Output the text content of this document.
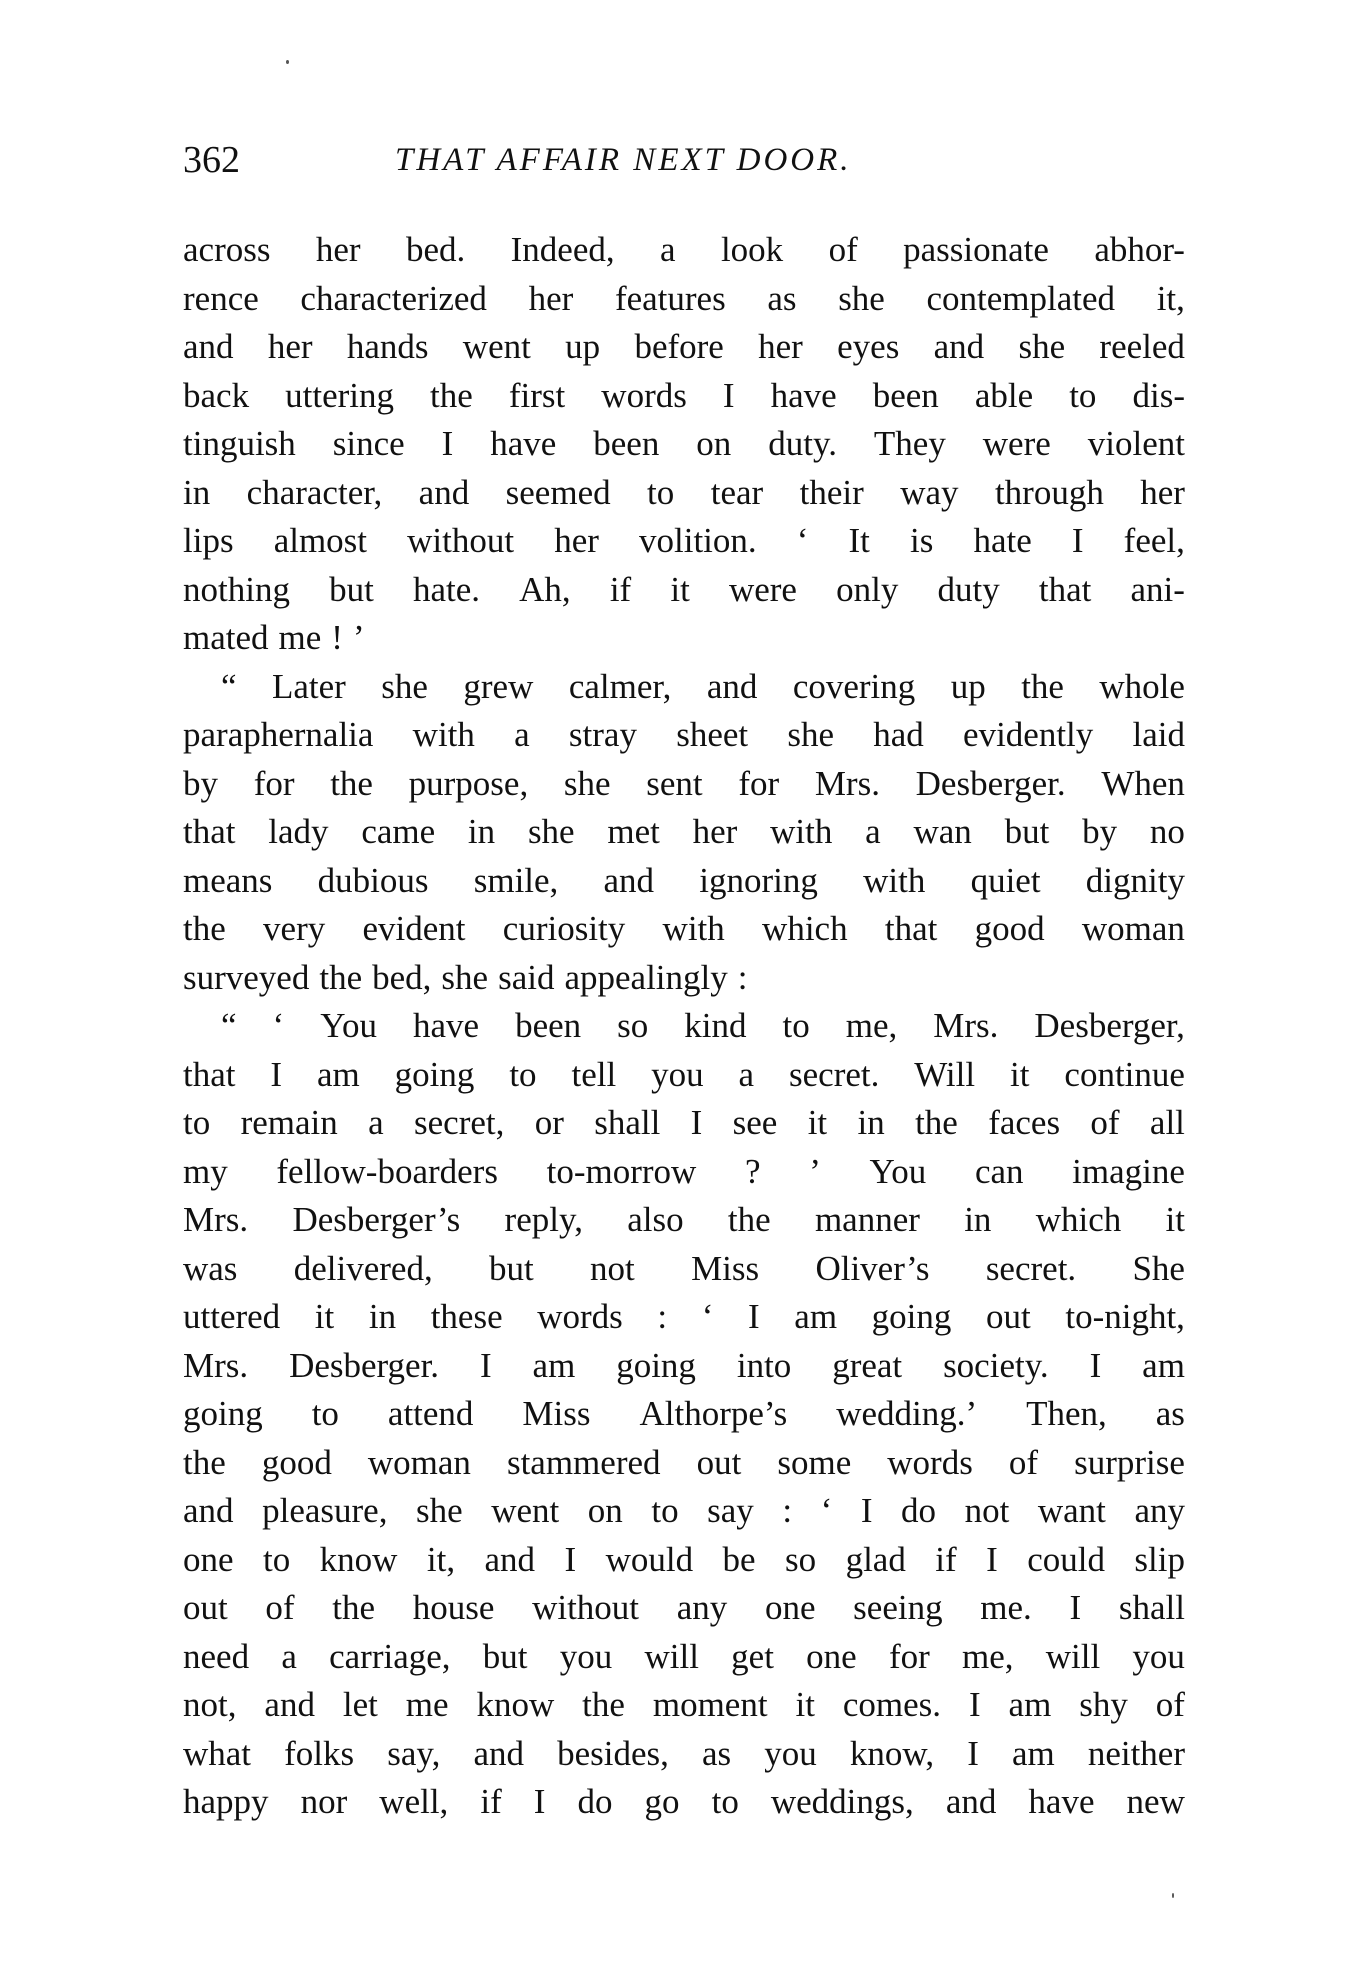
362	THAT AFFAIR NEXT DOOR.
across her bed. Indeed, a look of passionate abhor-
rence characterized her features as she contemplated it,
and her hands went up before her eyes and she reeled
back uttering the first words I have been able to dis-
tinguish since I have been on duty. They were violent
in character, and seemed to tear their way through her
lips almost without her volition. ‘ It is hate I feel,
nothing but hate. Ah, if it were only duty that ani-
mated me ! ’
“ Later she grew calmer, and covering up the whole
paraphernalia with a stray sheet she had evidently laid
by for the purpose, she sent for Mrs. Desberger. When
that lady came in she met her with a wan but by no
means dubious smile, and ignoring with quiet dignity
the very evident curiosity with which that good woman
surveyed the bed, she said appealingly :
“ ‘ You have been so kind to me, Mrs. Desberger,
that I am going to tell you a secret. Will it continue
to remain a secret, or shall I see it in the faces of all
my fellow-boarders to-morrow ? ’ You can imagine
Mrs. Desberger’s reply, also the manner in which it
was delivered, but not Miss Oliver’s secret. She
uttered it in these words : ‘ I am going out to-night,
Mrs. Desberger. I am going into great society. I am
going to attend Miss Althorpe’s wedding.’ Then, as
the good woman stammered out some words of surprise
and pleasure, she went on to say : ‘ I do not want any
one to know it, and I would be so glad if I could slip
out of the house without any one seeing me. I shall
need a carriage, but you will get one for me, will you
not, and let me know the moment it comes. I am shy of
what folks say, and besides, as you know, I am neither
happy nor well, if I do go to weddings, and have new
